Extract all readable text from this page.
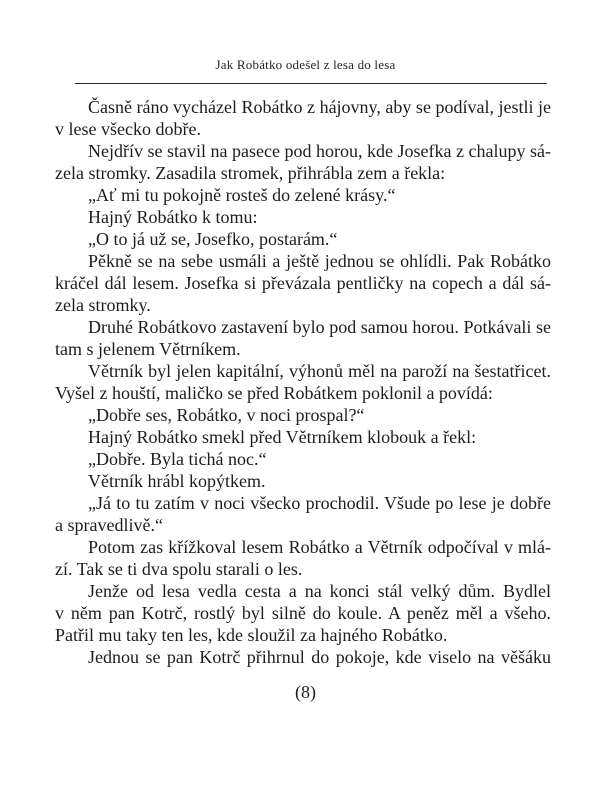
Jak Robátko odešel z lesa do lesa
Časně ráno vycházel Robátko z hájovny, aby se podíval, jestli je
v lese všecko dobře.
Nejdřív se stavil na pasece pod horou, kde Josefka z chalupy sá-
zela stromky. Zasadila stromek, přihrábla zem a řekla:
„Ať mi tu pokojně rosteš do zelené krásy.“
Hajný Robátko k tomu:
„O to já už se, Josefko, postarám.“
Pěkně se na sebe usmáli a ještě jednou se ohlídli. Pak Robátko
kráčel dál lesem. Josefka si převázala pentličky na copech a dál sá-
zela stromky.
Druhé Robátkovo zastavení bylo pod samou horou. Potkávali se
tam s jelenem Větrníkem.
Větrník byl jelen kapitální, výhonů měl na paroží na šestatřicet.
Vyšel z houští, maličko se před Robátkem poklonil a povídá:
„Dobře ses, Robátko, v noci prospal?“
Hajný Robátko smekl před Větrníkem klobouk a řekl:
„Dobře. Byla tichá noc.“
Větrník hrábl kopýtkem.
„Já to tu zatím v noci všecko prochodil. Všude po lese je dobře
a spravedlivě.“
Potom zas křížkoval lesem Robátko a Větrník odpočíval v mlá-
zí. Tak se ti dva spolu starali o les.
Jenže od lesa vedla cesta a na konci stál velký dům. Bydlel
v něm pan Kotrč, rostlý byl silně do koule. A peněz měl a všeho.
Patřil mu taky ten les, kde sloužil za hajného Robátko.
Jednou se pan Kotrč přihrnul do pokoje, kde viselo na věšáku
(8)
